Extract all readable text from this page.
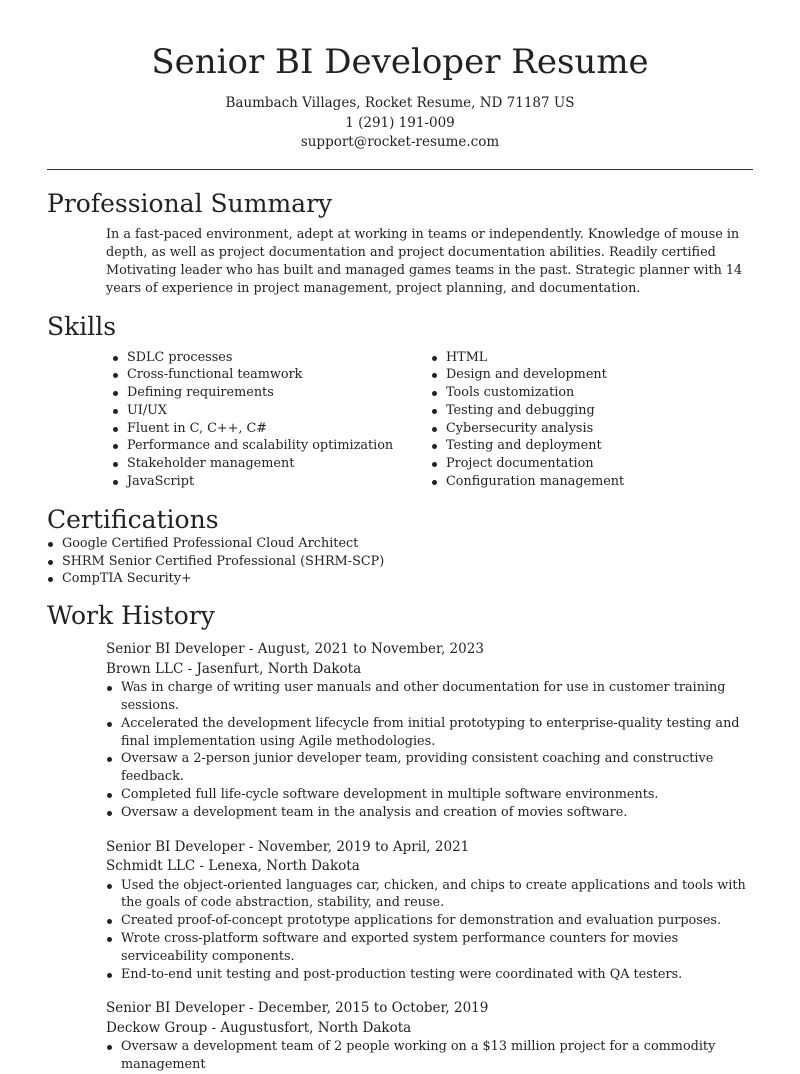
Senior BI Developer Resume
Baumbach Villages, Rocket Resume, ND 71187 US
1 (291) 191-009
support@rocket-resume.com
Professional Summary

In a fast-paced environment, adept at working in teams or independently. Knowledge of mouse in depth, as well as project documentation and project documentation abilities. Readily certified Motivating leader who has built and managed games teams in the past. Strategic planner with 14 years of experience in project management, project planning, and documentation.

Skills
SDLC processes
Cross-functional teamwork
Defining requirements
UI/UX
Fluent in C, C++, C#
Performance and scalability optimization
Stakeholder management
JavaScript
HTML
Design and development
Tools customization
Testing and debugging
Cybersecurity analysis
Testing and deployment
Project documentation
Configuration management
Certifications
Google Certified Professional Cloud Architect
SHRM Senior Certified Professional (SHRM-SCP)
CompTIA Security+
Work History
Senior BI Developer - August, 2021 to November, 2023
Brown LLC - Jasenfurt, North Dakota
Was in charge of writing user manuals and other documentation for use in customer training sessions.
Accelerated the development lifecycle from initial prototyping to enterprise-quality testing and final implementation using Agile methodologies.
Oversaw a 2-person junior developer team, providing consistent coaching and constructive feedback.
Completed full life-cycle software development in multiple software environments.
Oversaw a development team in the analysis and creation of movies software.
Senior BI Developer - November, 2019 to April, 2021
Schmidt LLC - Lenexa, North Dakota
Used the object-oriented languages car, chicken, and chips to create applications and tools with the goals of code abstraction, stability, and reuse.
Created proof-of-concept prototype applications for demonstration and evaluation purposes.
Wrote cross-platform software and exported system performance counters for movies serviceability components.
End-to-end unit testing and post-production testing were coordinated with QA testers.
Senior BI Developer - December, 2015 to October, 2019
Deckow Group - Augustusfort, North Dakota
Oversaw a development team of 2 people working on a $13 million project for a commodity management
